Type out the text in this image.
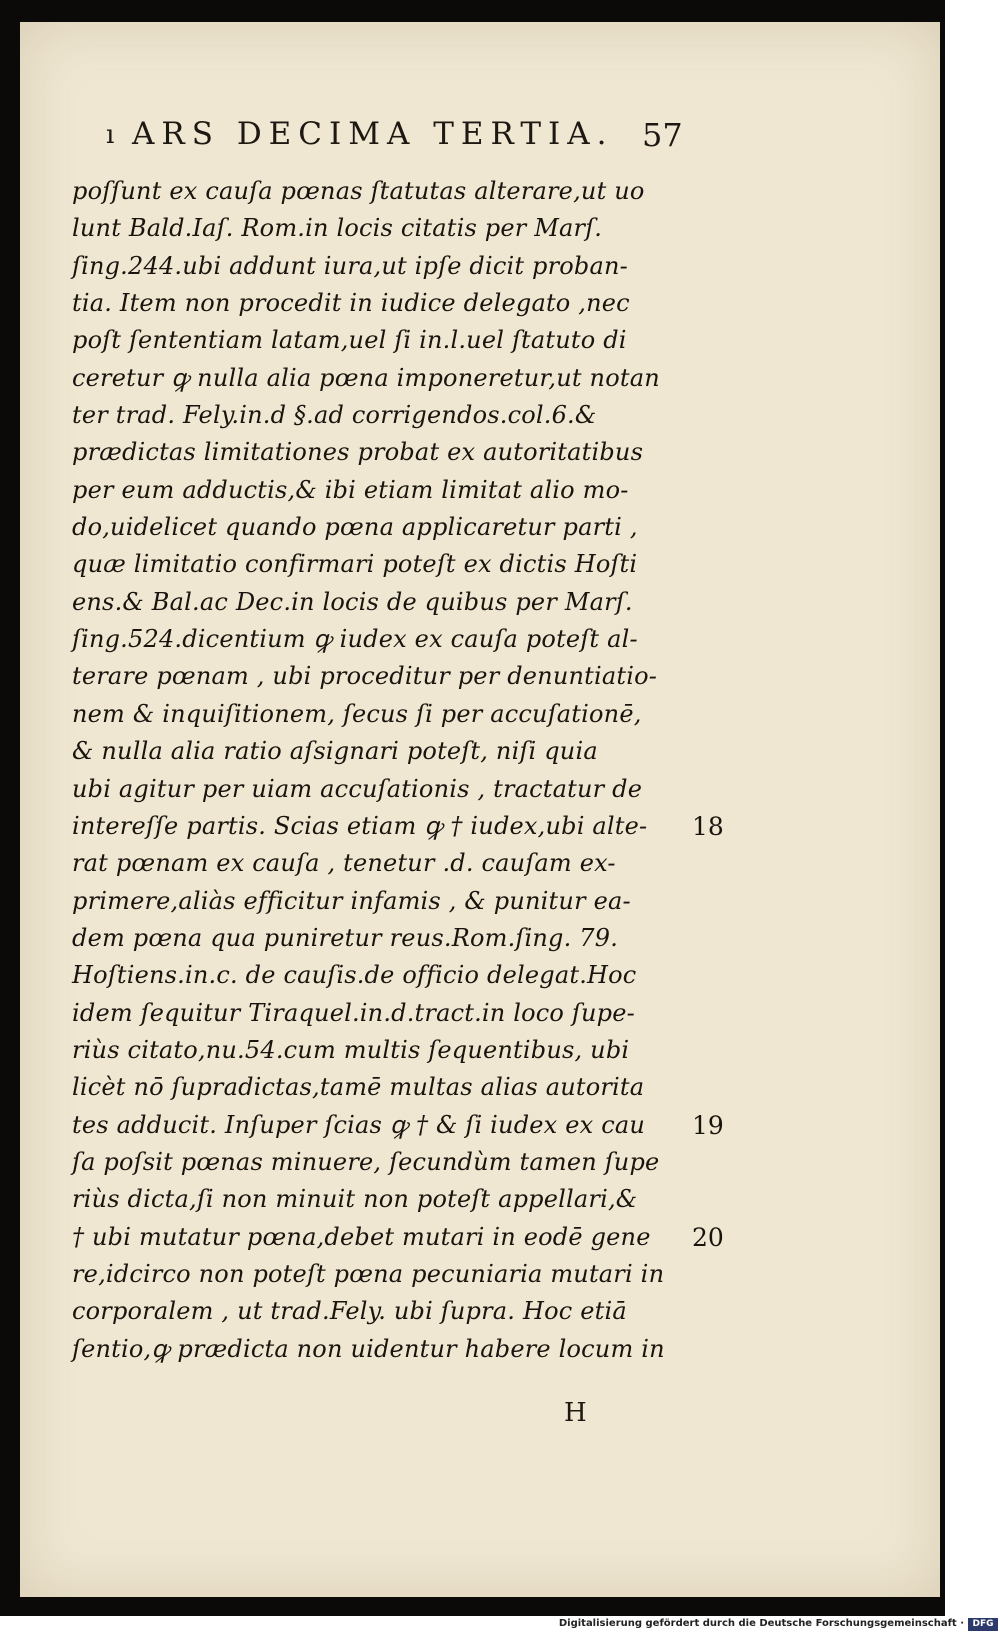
ı ARS DECIMA TERTIA. 57
poſſunt ex cauſa pœnas ſtatutas alterare,ut uo
lunt Bald.Iaſ. Rom.in locis citatis per Marſ.
ſing.244.ubi addunt iura,ut ipſe dicit proban-
tia. Item non procedit in iudice delegato ,nec
poſt ſententiam latam,uel ſi in.l.uel ſtatuto di
ceretur ꝙ nulla alia pœna imponeretur,ut notan
ter trad. Fely.in.d §.ad corrigendos.col.6.&
prædictas limitationes probat ex autoritatibus
per eum adductis,& ibi etiam limitat alio mo-
do,uidelicet quando pœna applicaretur parti ,
quæ limitatio confirmari poteſt ex dictis Hoſti
ens.& Bal.ac Dec.in locis de quibus per Marſ.
ſing.524.dicentium ꝙ iudex ex cauſa poteſt al-
terare pœnam , ubi proceditur per denuntiatio-
nem & inquiſitionem, ſecus ſi per accuſationē,
& nulla alia ratio aſsignari poteſt, niſi quia
ubi agitur per uiam accuſationis , tractatur de
intereſſe partis. Scias etiam ꝙ † iudex,ubi alte-
rat pœnam ex cauſa , tenetur .d. cauſam ex-
primere,aliàs efficitur infamis , & punitur ea-
dem pœna qua puniretur reus.Rom.ſing. 79.
Hoſtiens.in.c. de cauſis.de officio delegat.Hoc
idem ſequitur Tiraquel.in.d.tract.in loco ſupe-
riùs citato,nu.54.cum multis ſequentibus, ubi
licèt nō ſupradictas,tamē multas alias autorita
tes adducit. Inſuper ſcias ꝙ † & ſi iudex ex cau
ſa poſsit pœnas minuere, ſecundùm tamen ſupe
riùs dicta,ſi non minuit non poteſt appellari,&
† ubi mutatur pœna,debet mutari in eodē gene
re,idcirco non poteſt pœna pecuniaria mutari in
corporalem , ut trad.Fely. ubi ſupra. Hoc etiā
ſentio,ꝙ prædicta non uidentur habere locum in
18
19
20
H
Digitalisierung gefördert durch die Deutsche Forschungsgemeinschaft · DFG
